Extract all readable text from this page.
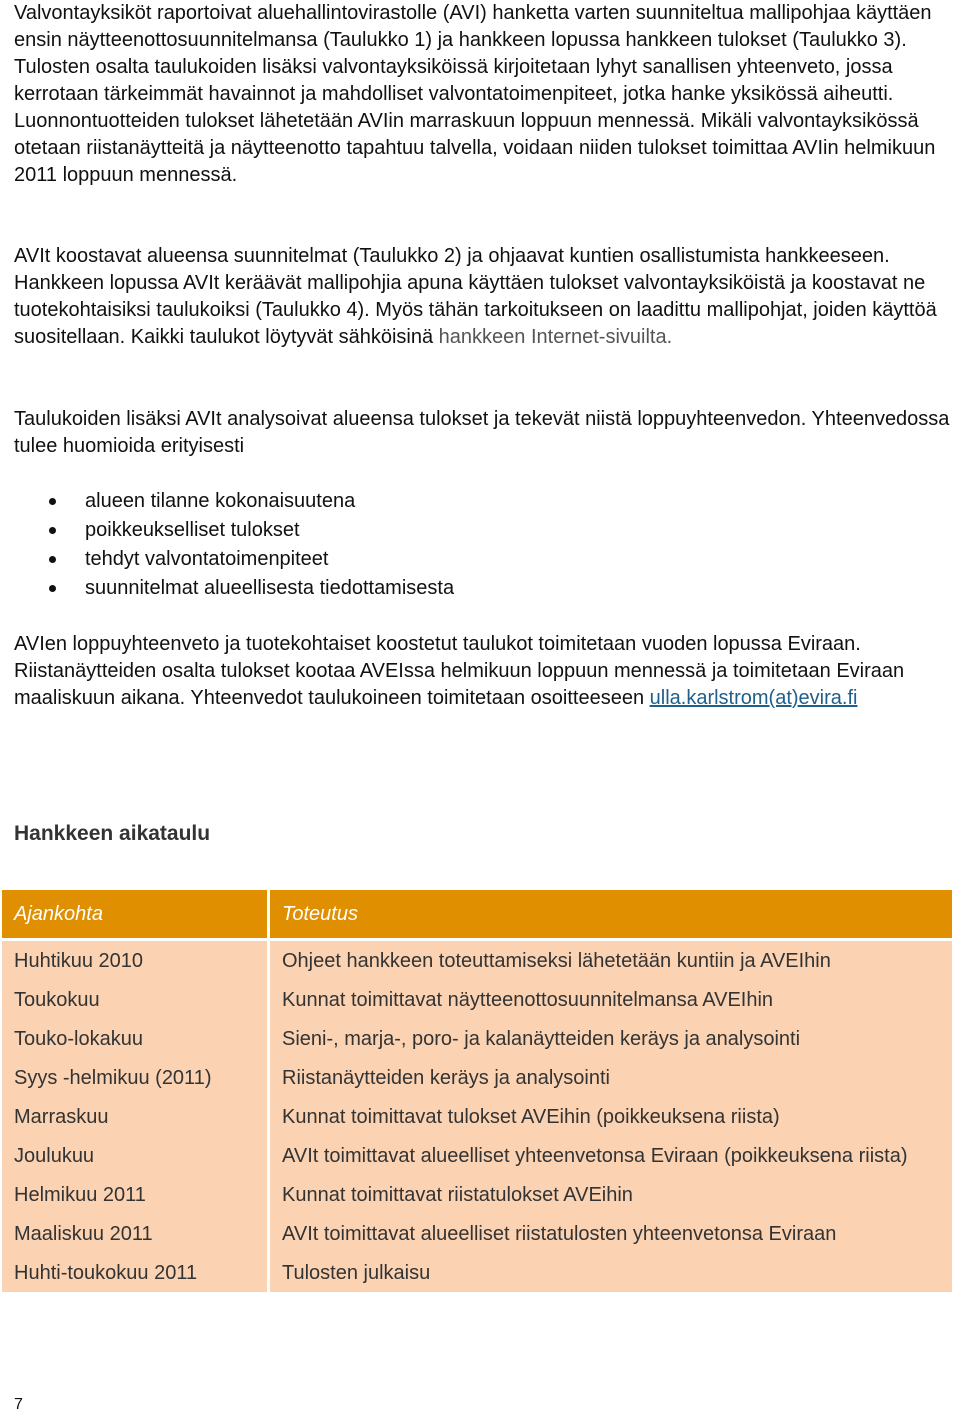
Valvontayksiköt raportoivat aluehallintovirastolle (AVI) hanketta varten suunniteltua mallipohjaa käyttäen ensin näytteenottosuunnitelmansa (Taulukko 1) ja hankkeen lopussa hankkeen tulokset (Taulukko 3). Tulosten osalta taulukoiden lisäksi valvontayksiköissä kirjoitetaan lyhyt sanallisen yhteenveto, jossa kerrotaan tärkeimmät havainnot ja mahdolliset valvontatoimenpiteet, jotka hanke yksikössä aiheutti. Luonnontuotteiden tulokset lähetetään AVIin marraskuun loppuun mennessä. Mikäli valvontayksikössä otetaan riistanäytteitä ja näytteenotto tapahtuu talvella, voidaan niiden tulokset toimittaa AVIin helmikuun 2011 loppuun mennessä.

AVIt koostavat alueensa suunnitelmat (Taulukko 2) ja ohjaavat kuntien osallistumista hankkeeseen. Hankkeen lopussa AVIt keräävät mallipohjia apuna käyttäen tulokset valvontayksiköistä ja koostavat ne tuotekohtaisiksi taulukoiksi (Taulukko 4). Myös tähän tarkoitukseen on laadittu mallipohjat, joiden käyttöä suositellaan. Kaikki taulukot löytyvät sähköisinä hankkeen Internet-sivuilta.

Taulukoiden lisäksi AVIt analysoivat alueensa tulokset ja tekevät niistä loppuyhteenvedon. Yhteenvedossa tulee huomioida erityisesti

alueen tilanne kokonaisuutena
poikkeukselliset tulokset
tehdyt valvontatoimenpiteet
suunnitelmat alueellisesta tiedottamisesta

AVIen loppuyhteenveto ja tuotekohtaiset koostetut taulukot toimitetaan vuoden lopussa Eviraan. Riistanäytteiden osalta tulokset kootaa AVEIssa helmikuun loppuun mennessä ja toimitetaan Eviraan maaliskuun aikana. Yhteenvedot taulukoineen toimitetaan osoitteeseen ulla.karlstrom(at)evira.fi

Hankkeen aikataulu
Ajankohta	Toteutus
Huhtikuu 2010	Ohjeet hankkeen toteuttamiseksi lähetetään kuntiin ja AVEIhin
Toukokuu	Kunnat toimittavat näytteenottosuunnitelmansa AVEIhin
Touko-lokakuu	Sieni-, marja-, poro- ja kalanäytteiden keräys ja analysointi
Syys -helmikuu (2011)	Riistanäytteiden keräys ja analysointi
Marraskuu	Kunnat toimittavat tulokset AVEihin (poikkeuksena riista)
Joulukuu	AVIt toimittavat alueelliset yhteenvetonsa Eviraan (poikkeuksena riista)
Helmikuu 2011	Kunnat toimittavat riistatulokset AVEihin
Maaliskuu 2011	AVIt toimittavat alueelliset riistatulosten yhteenvetonsa Eviraan
Huhti-toukokuu 2011	Tulosten julkaisu

7
